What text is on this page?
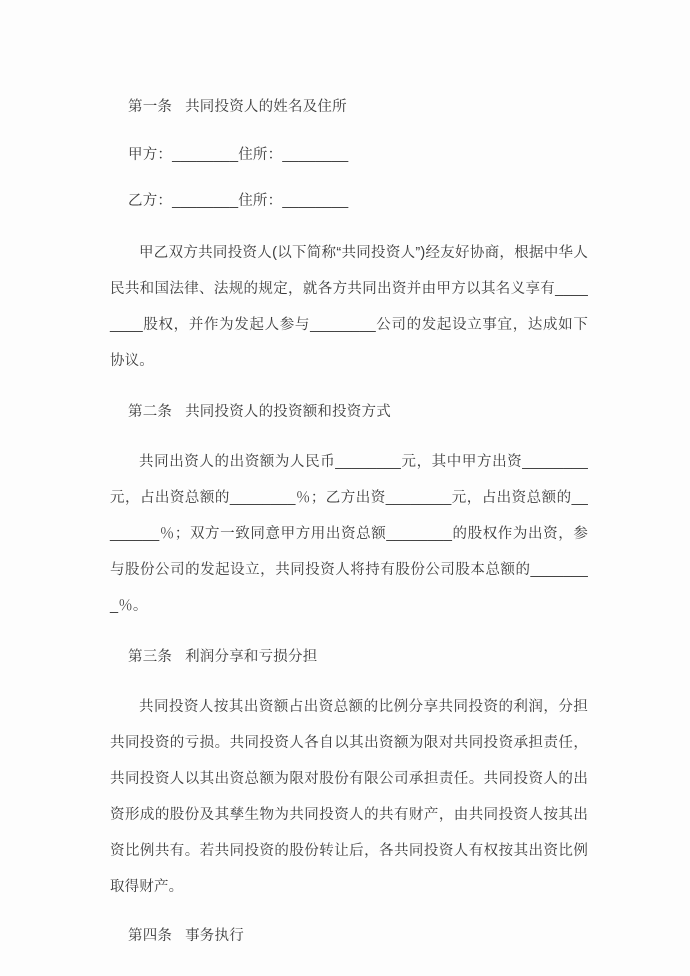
第一条 共同投资人的姓名及住所
甲方：________住所：________
乙方：________住所：________

甲乙双方共同投资人(以下简称“共同投资人”)经友好协商，根据中华人民共和国法律、法规的规定，就各方共同出资并由甲方以其名义享有________股权，并作为发起人参与________公司的发起设立事宜，达成如下协议。

第二条 共同投资人的投资额和投资方式

共同出资人的出资额为人民币________元，其中甲方出资________元，占出资总额的________％；乙方出资________元，占出资总额的________％；双方一致同意甲方用出资总额________的股权作为出资，参与股份公司的发起设立，共同投资人将持有股份公司股本总额的________％。

第三条 利润分享和亏损分担

共同投资人按其出资额占出资总额的比例分享共同投资的利润，分担共同投资的亏损。共同投资人各自以其出资额为限对共同投资承担责任，共同投资人以其出资总额为限对股份有限公司承担责任。共同投资人的出资形成的股份及其孳生物为共同投资人的共有财产，由共同投资人按其出资比例共有。若共同投资的股份转让后，各共同投资人有权按其出资比例取得财产。

第四条 事务执行
